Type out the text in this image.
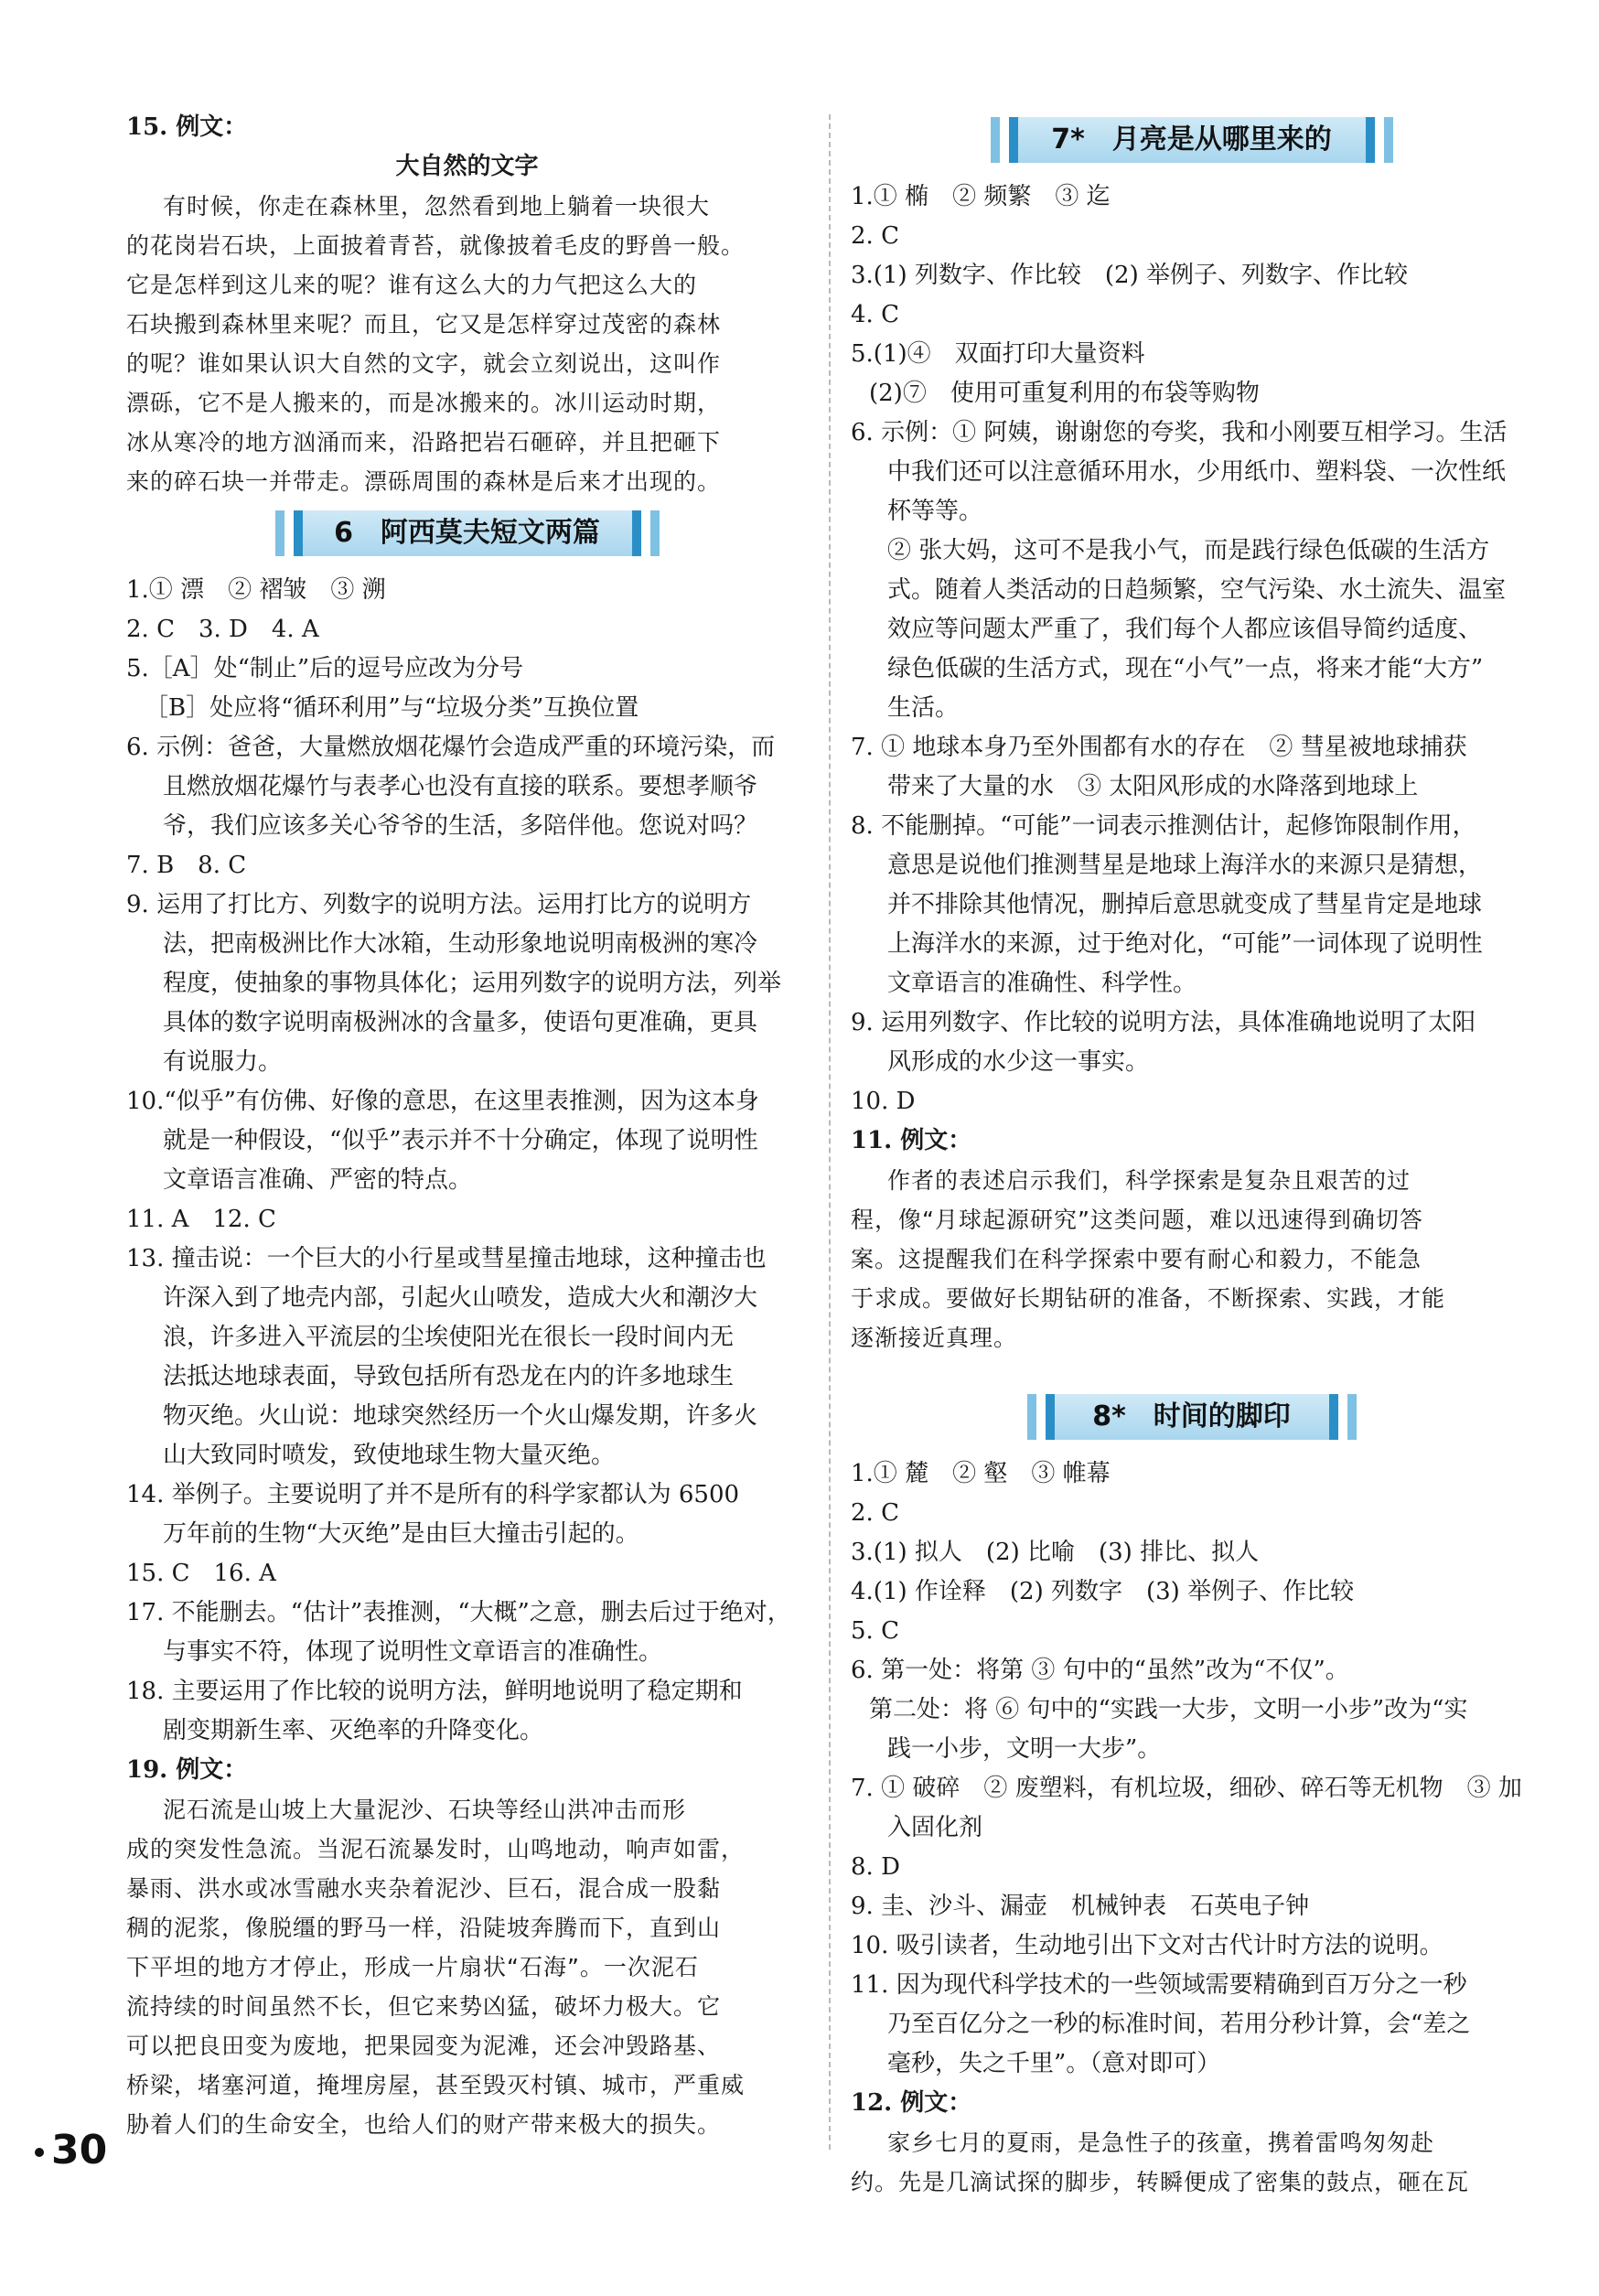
15. 例文：
大自然的文字
有时候，你走在森林里，忽然看到地上躺着一块很大
的花岗岩石块，上面披着青苔，就像披着毛皮的野兽一般。
它是怎样到这儿来的呢？谁有这么大的力气把这么大的
石块搬到森林里来呢？而且，它又是怎样穿过茂密的森林
的呢？谁如果认识大自然的文字，就会立刻说出，这叫作
漂砾，它不是人搬来的，而是冰搬来的。冰川运动时期，
冰从寒冷的地方汹涌而来，沿路把岩石砸碎，并且把砸下
来的碎石块一并带走。漂砾周围的森林是后来才出现的。
6　阿西莫夫短文两篇
1.① 漂　② 褶皱　③ 溯
2. C　3. D　4. A
5.［A］处“制止”后的逗号应改为分号
［B］处应将“循环利用”与“垃圾分类”互换位置
6. 示例：爸爸，大量燃放烟花爆竹会造成严重的环境污染，而
且燃放烟花爆竹与表孝心也没有直接的联系。要想孝顺爷
爷，我们应该多关心爷爷的生活，多陪伴他。您说对吗？
7. B　8. C
9. 运用了打比方、列数字的说明方法。运用打比方的说明方
法，把南极洲比作大冰箱，生动形象地说明南极洲的寒冷
程度，使抽象的事物具体化；运用列数字的说明方法，列举
具体的数字说明南极洲冰的含量多，使语句更准确，更具
有说服力。
10.“似乎”有仿佛、好像的意思，在这里表推测，因为这本身
就是一种假设，“似乎”表示并不十分确定，体现了说明性
文章语言准确、严密的特点。
11. A　12. C
13. 撞击说：一个巨大的小行星或彗星撞击地球，这种撞击也
许深入到了地壳内部，引起火山喷发，造成大火和潮汐大
浪，许多进入平流层的尘埃使阳光在很长一段时间内无
法抵达地球表面，导致包括所有恐龙在内的许多地球生
物灭绝。火山说：地球突然经历一个火山爆发期，许多火
山大致同时喷发，致使地球生物大量灭绝。
14. 举例子。主要说明了并不是所有的科学家都认为 6500
万年前的生物“大灭绝”是由巨大撞击引起的。
15. C　16. A
17. 不能删去。“估计”表推测，“大概”之意，删去后过于绝对，
与事实不符，体现了说明性文章语言的准确性。
18. 主要运用了作比较的说明方法，鲜明地说明了稳定期和
剧变期新生率、灭绝率的升降变化。
19. 例文：
泥石流是山坡上大量泥沙、石块等经山洪冲击而形
成的突发性急流。当泥石流暴发时，山鸣地动，响声如雷，
暴雨、洪水或冰雪融水夹杂着泥沙、巨石，混合成一股黏
稠的泥浆，像脱缰的野马一样，沿陡坡奔腾而下，直到山
下平坦的地方才停止，形成一片扇状“石海”。一次泥石
流持续的时间虽然不长，但它来势凶猛，破坏力极大。它
可以把良田变为废地，把果园变为泥滩，还会冲毁路基、
桥梁，堵塞河道，掩埋房屋，甚至毁灭村镇、城市，严重威
胁着人们的生命安全，也给人们的财产带来极大的损失。
7*　月亮是从哪里来的
1.① 椭　② 频繁　③ 迄
2. C
3.(1) 列数字、作比较　(2) 举例子、列数字、作比较
4. C
5.(1)④　双面打印大量资料
(2)⑦　使用可重复利用的布袋等购物
6. 示例：① 阿姨，谢谢您的夸奖，我和小刚要互相学习。生活
中我们还可以注意循环用水，少用纸巾、塑料袋、一次性纸
杯等等。
② 张大妈，这可不是我小气，而是践行绿色低碳的生活方
式。随着人类活动的日趋频繁，空气污染、水土流失、温室
效应等问题太严重了，我们每个人都应该倡导简约适度、
绿色低碳的生活方式，现在“小气”一点，将来才能“大方”
生活。
7. ① 地球本身乃至外围都有水的存在　② 彗星被地球捕获
带来了大量的水　③ 太阳风形成的水降落到地球上
8. 不能删掉。“可能”一词表示推测估计，起修饰限制作用，
意思是说他们推测彗星是地球上海洋水的来源只是猜想，
并不排除其他情况，删掉后意思就变成了彗星肯定是地球
上海洋水的来源，过于绝对化，“可能”一词体现了说明性
文章语言的准确性、科学性。
9. 运用列数字、作比较的说明方法，具体准确地说明了太阳
风形成的水少这一事实。
10. D
11. 例文：
作者的表述启示我们，科学探索是复杂且艰苦的过
程，像“月球起源研究”这类问题，难以迅速得到确切答
案。这提醒我们在科学探索中要有耐心和毅力，不能急
于求成。要做好长期钻研的准备，不断探索、实践，才能
逐渐接近真理。
8*　时间的脚印
1.① 麓　② 壑　③ 帷幕
2. C
3.(1) 拟人　(2) 比喻　(3) 排比、拟人
4.(1) 作诠释　(2) 列数字　(3) 举例子、作比较
5. C
6. 第一处：将第 ③ 句中的“虽然”改为“不仅”。
第二处：将 ⑥ 句中的“实践一大步，文明一小步”改为“实
践一小步，文明一大步”。
7. ① 破碎　② 废塑料，有机垃圾，细砂、碎石等无机物　③ 加
入固化剂
8. D
9. 圭、沙斗、漏壶　机械钟表　石英电子钟
10. 吸引读者，生动地引出下文对古代计时方法的说明。
11. 因为现代科学技术的一些领域需要精确到百万分之一秒
乃至百亿分之一秒的标准时间，若用分秒计算，会“差之
毫秒，失之千里”。（意对即可）
12. 例文：
家乡七月的夏雨，是急性子的孩童，携着雷鸣匆匆赴
约。先是几滴试探的脚步，转瞬便成了密集的鼓点，砸在瓦
30
